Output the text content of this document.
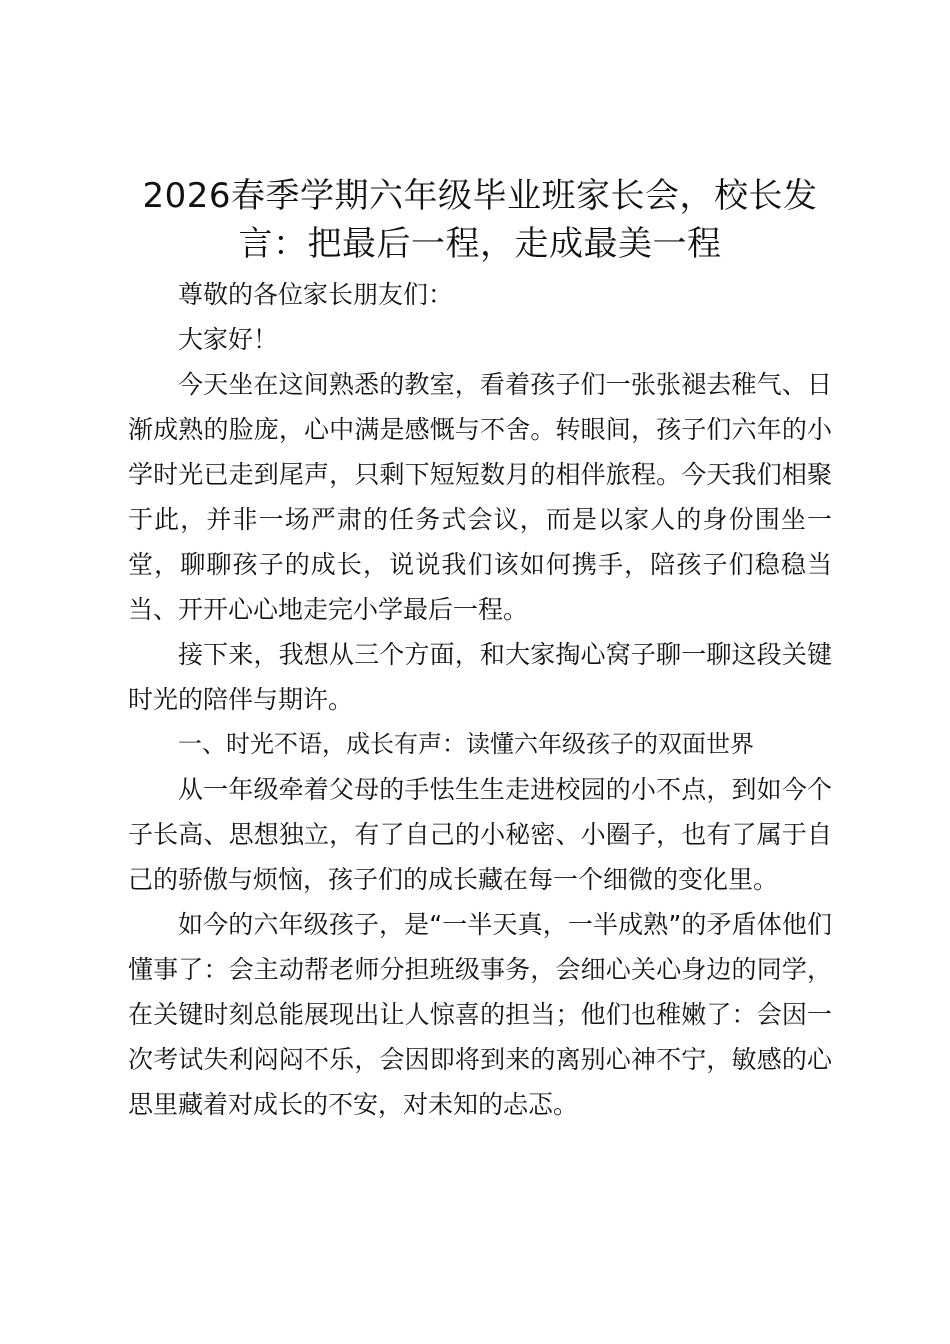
2026春季学期六年级毕业班家长会，校长发言：把最后一程，走成最美一程

尊敬的各位家长朋友们：

大家好！

今天坐在这间熟悉的教室，看着孩子们一张张褪去稚气、日渐成熟的脸庞，心中满是感慨与不舍。转眼间，孩子们六年的小学时光已走到尾声，只剩下短短数月的相伴旅程。今天我们相聚于此，并非一场严肃的任务式会议，而是以家人的身份围坐一堂，聊聊孩子的成长，说说我们该如何携手，陪孩子们稳稳当当、开开心心地走完小学最后一程。

接下来，我想从三个方面，和大家掏心窝子聊一聊这段关键时光的陪伴与期许。

一、时光不语，成长有声：读懂六年级孩子的双面世界

从一年级牵着父母的手怯生生走进校园的小不点，到如今个子长高、思想独立，有了自己的小秘密、小圈子，也有了属于自己的骄傲与烦恼，孩子们的成长藏在每一个细微的变化里。

如今的六年级孩子，是“一半天真，一半成熟”的矛盾体他们懂事了：会主动帮老师分担班级事务，会细心关心身边的同学，在关键时刻总能展现出让人惊喜的担当；他们也稚嫩了：会因一次考试失利闷闷不乐，会因即将到来的离别心神不宁，敏感的心思里藏着对成长的不安，对未知的忐忑。
